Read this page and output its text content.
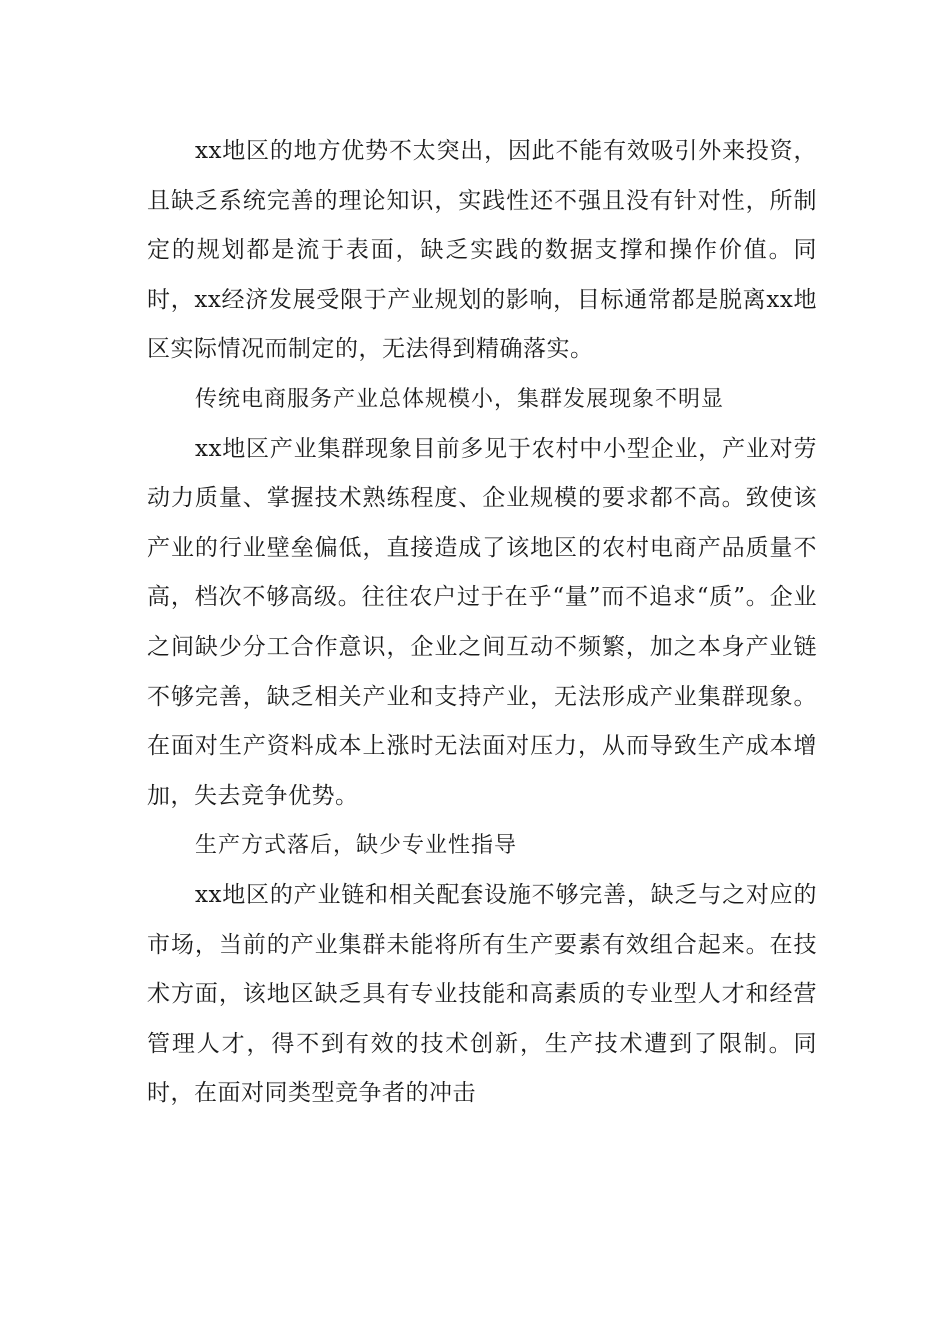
xx地区的地方优势不太突出，因此不能有效吸引外来投资，且缺乏系统完善的理论知识，实践性还不强且没有针对性，所制定的规划都是流于表面，缺乏实践的数据支撑和操作价值。同时，xx经济发展受限于产业规划的影响，目标通常都是脱离xx地区实际情况而制定的，无法得到精确落实。

传统电商服务产业总体规模小，集群发展现象不明显

xx地区产业集群现象目前多见于农村中小型企业，产业对劳动力质量、掌握技术熟练程度、企业规模的要求都不高。致使该产业的行业壁垒偏低，直接造成了该地区的农村电商产品质量不高，档次不够高级。往往农户过于在乎“量”而不追求“质”。企业之间缺少分工合作意识，企业之间互动不频繁，加之本身产业链不够完善，缺乏相关产业和支持产业，无法形成产业集群现象。在面对生产资料成本上涨时无法面对压力，从而导致生产成本增加，失去竞争优势。

生产方式落后，缺少专业性指导

xx地区的产业链和相关配套设施不够完善，缺乏与之对应的市场，当前的产业集群未能将所有生产要素有效组合起来。在技术方面，该地区缺乏具有专业技能和高素质的专业型人才和经营管理人才，得不到有效的技术创新，生产技术遭到了限制。同时，在面对同类型竞争者的冲击
